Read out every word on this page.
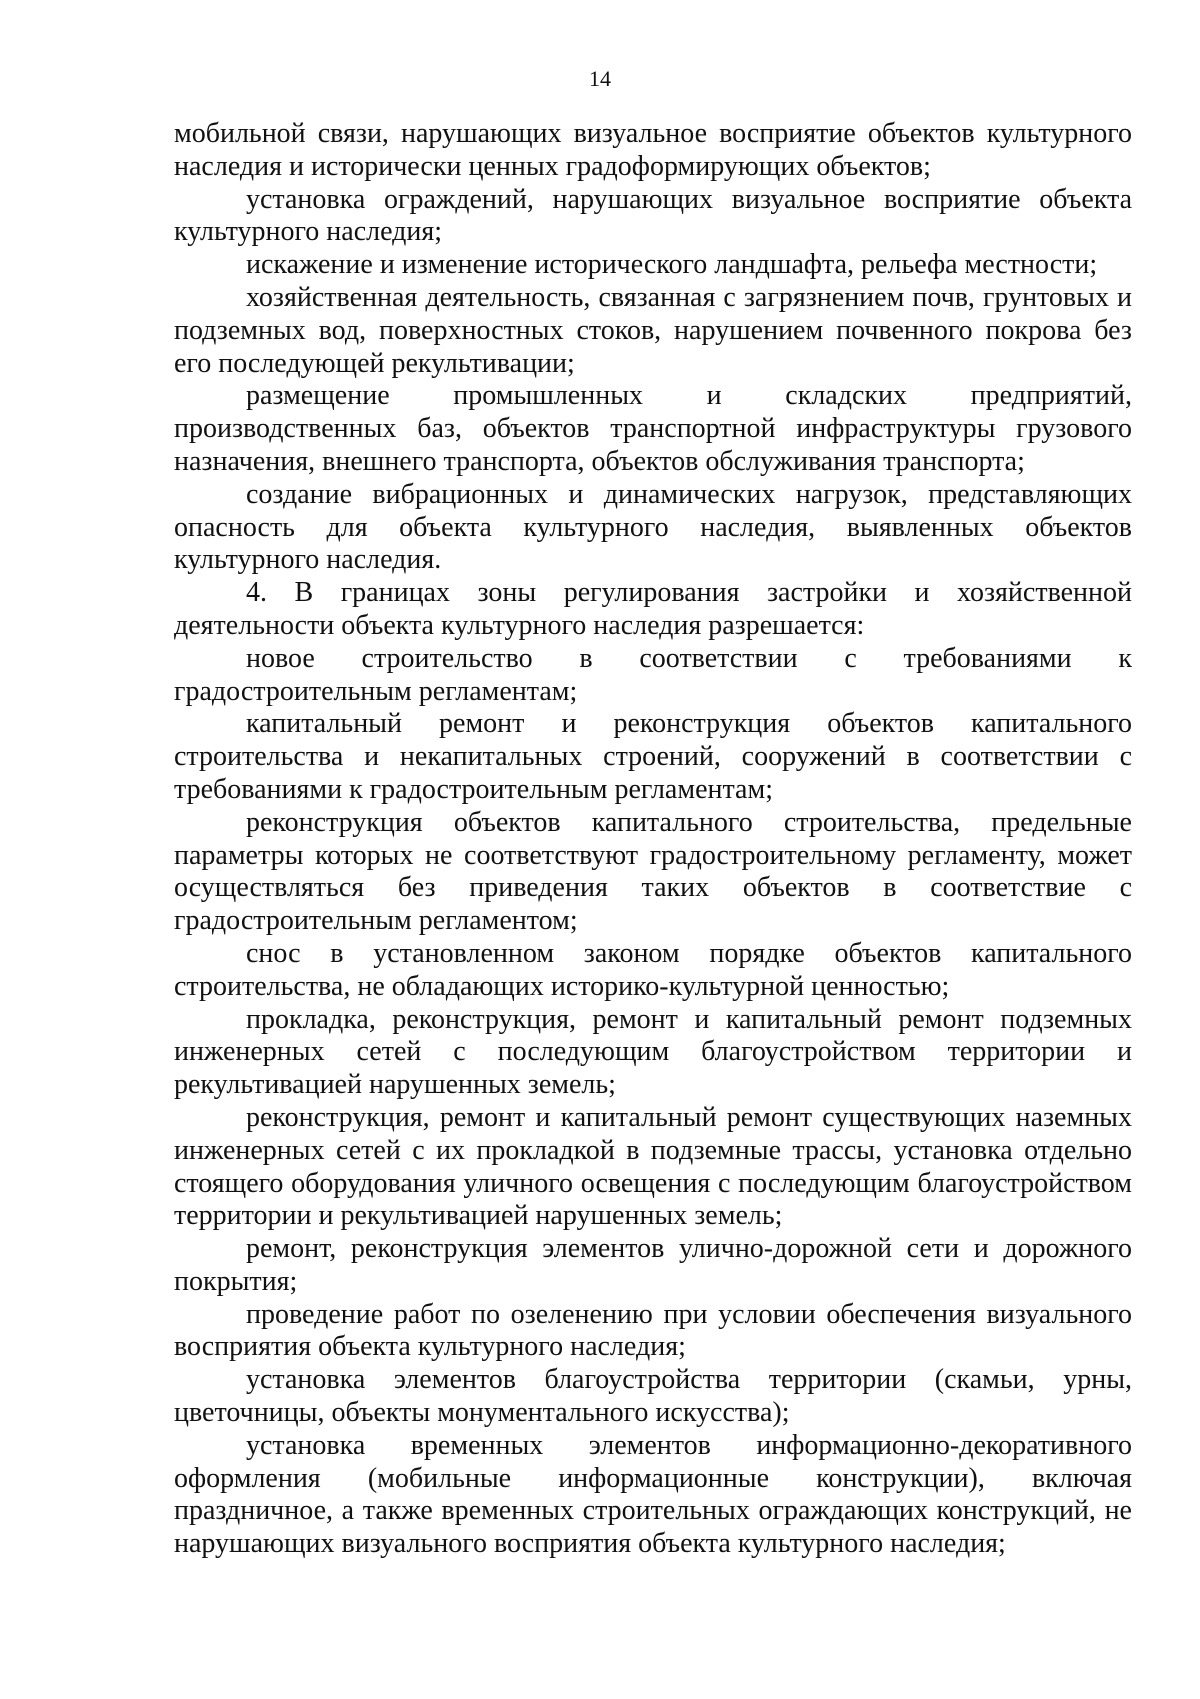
14

мобильной связи, нарушающих визуальное восприятие объектов культурного наследия и исторически ценных градоформирующих объектов;

установка ограждений, нарушающих визуальное восприятие объекта культурного наследия;

искажение и изменение исторического ландшафта, рельефа местности;

хозяйственная деятельность, связанная с загрязнением почв, грунтовых и подземных вод, поверхностных стоков, нарушением почвенного покрова без его последующей рекультивации;

размещение промышленных и складских предприятий, производственных баз, объектов транспортной инфраструктуры грузового назначения, внешнего транспорта, объектов обслуживания транспорта;

создание вибрационных и динамических нагрузок, представляющих опасность для объекта культурного наследия, выявленных объектов культурного наследия.

4. В границах зоны регулирования застройки и хозяйственной деятельности объекта культурного наследия разрешается:

новое строительство в соответствии с требованиями к градостроительным регламентам;

капитальный ремонт и реконструкция объектов капитального строительства и некапитальных строений, сооружений в соответствии с требованиями к градостроительным регламентам;

реконструкция объектов капитального строительства, предельные параметры которых не соответствуют градостроительному регламенту, может осуществляться без приведения таких объектов в соответствие с градостроительным регламентом;

снос в установленном законом порядке объектов капитального строительства, не обладающих историко-культурной ценностью;

прокладка, реконструкция, ремонт и капитальный ремонт подземных инженерных сетей с последующим благоустройством территории и рекультивацией нарушенных земель;

реконструкция, ремонт и капитальный ремонт существующих наземных инженерных сетей с их прокладкой в подземные трассы, установка отдельно стоящего оборудования уличного освещения с последующим благоустройством территории и рекультивацией нарушенных земель;

ремонт, реконструкция элементов улично-дорожной сети и дорожного покрытия;

проведение работ по озеленению при условии обеспечения визуального восприятия объекта культурного наследия;

установка элементов благоустройства территории (скамьи, урны, цветочницы, объекты монументального искусства);

установка временных элементов информационно-декоративного оформления (мобильные информационные конструкции), включая праздничное, а также временных строительных ограждающих конструкций, не нарушающих визуального восприятия объекта культурного наследия;
